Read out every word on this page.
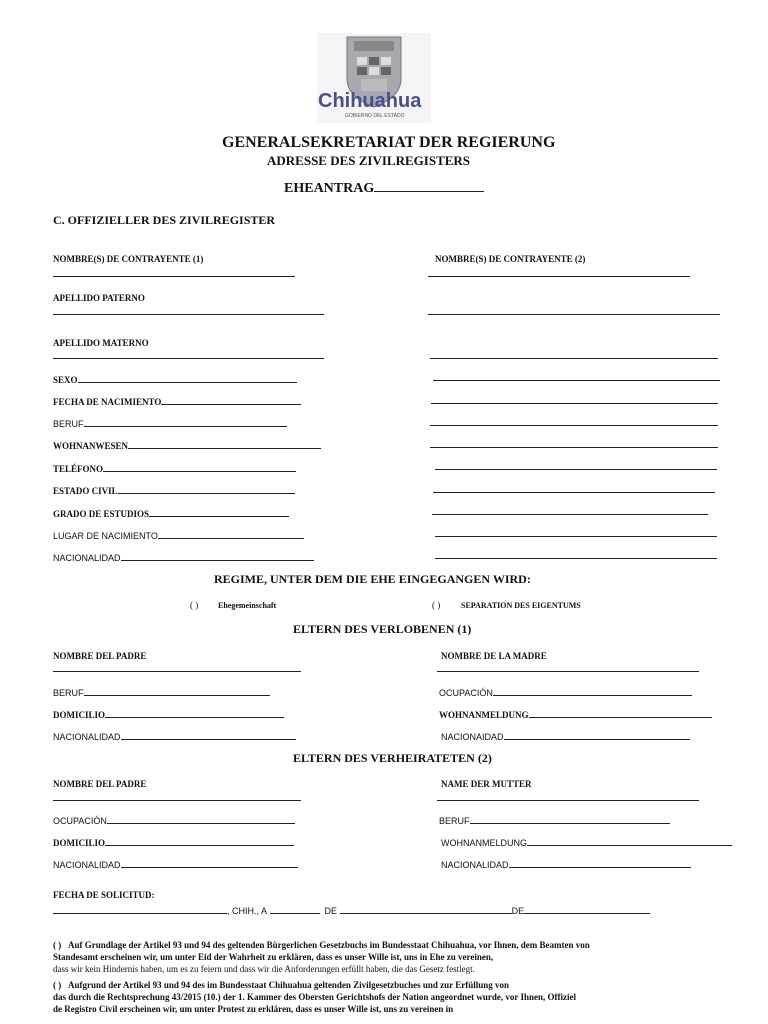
Chihuahua
GOBIERNO DEL ESTADO
GENERALSEKRETARIAT DER REGIERUNG
ADRESSE DES ZIVILREGISTERS
EHEANTRAG
C. OFFIZIELLER DES ZIVILREGISTER
NOMBRE(S) DE CONTRAYENTE (1)	NOMBRE(S) DE CONTRAYENTE (2)
APELLIDO PATERNO
APELLIDO MATERNO
SEXO
FECHA DE NACIMIENTO
BERUF
WOHNANWESEN
TELÉFONO
ESTADO CIVIL
GRADO DE ESTUDIOS
LUGAR DE NACIMIENTO
NACIONALIDAD
REGIME, UNTER DEM DIE EHE EINGEGANGEN WIRD:
( ) Ehegemeinschaft	( )	SEPARATION DES EIGENTUMS
ELTERN DES VERLOBENEN (1)
NOMBRE DEL PADRE	NOMBRE DE LA MADRE
BERUF	OCUPACIÓN
DOMICILIO	WOHNANMELDUNG
NACIONALIDAD	NACIONAIDAD
ELTERN DES VERHEIRATETEN (2)
NOMBRE DEL PADRE	NAME DER MUTTER
OCUPACIÓN	BERUF
DOMICILIO	WOHNANMELDUNG
NACIONALIDAD	NACIONALIDAD
FECHA DE SOLICITUD:
, CHIH., A	DE	DE
( ) Auf Grundlage der Artikel 93 und 94 des geltenden Bürgerlichen Gesetzbuchs im Bundesstaat Chihuahua, vor Ihnen, dem Beamten von
Standesamt erscheinen wir, um unter Eid der Wahrheit zu erklären, dass es unser Wille ist, uns in Ehe zu vereinen,
dass wir kein Hindernis haben, um es zu feiern und dass wir die Anforderungen erfüllt haben, die das Gesetz festlegt.
( ) Aufgrund der Artikel 93 und 94 des im Bundesstaat Chihuahua geltenden Zivilgesetzbuches und zur Erfüllung von
das durch die Rechtsprechung 43/2015 (10.) der 1. Kammer des Obersten Gerichtshofs der Nation angeordnet wurde, vor Ihnen, Offiziel
de Registro Civil erscheinen wir, um unter Protest zu erklären, dass es unser Wille ist, uns zu vereinen in
